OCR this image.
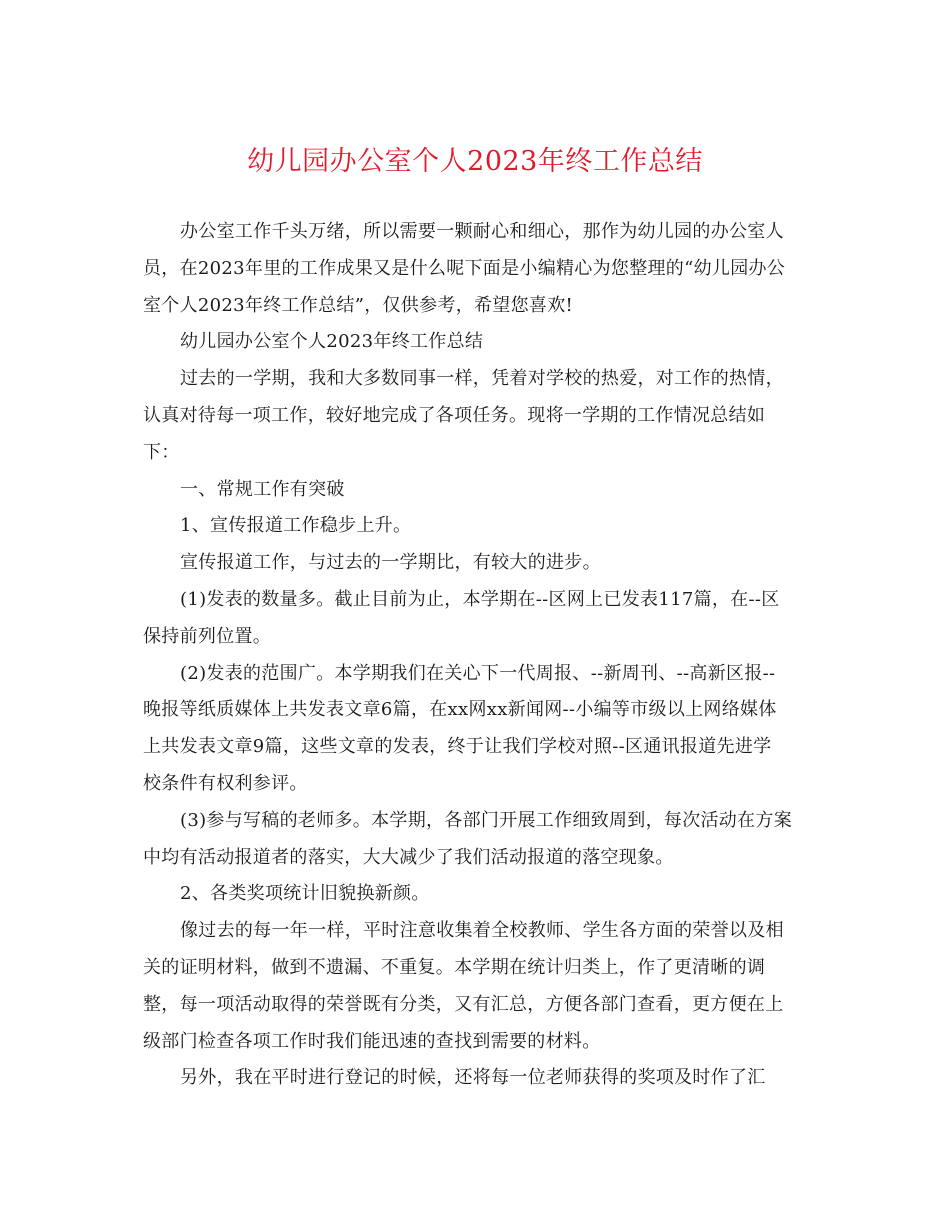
幼儿园办公室个人2023年终工作总结
办公室工作千头万绪，所以需要一颗耐心和细心，那作为幼儿园的办公室人
员，在2023年里的工作成果又是什么呢下面是小编精心为您整理的“幼儿园办公
室个人2023年终工作总结”，仅供参考，希望您喜欢!
幼儿园办公室个人2023年终工作总结
过去的一学期，我和大多数同事一样，凭着对学校的热爱，对工作的热情，
认真对待每一项工作，较好地完成了各项任务。现将一学期的工作情况总结如
下：
一、常规工作有突破
1、宣传报道工作稳步上升。
宣传报道工作，与过去的一学期比，有较大的进步。
(1)发表的数量多。截止目前为止，本学期在--区网上已发表117篇，在--区
保持前列位置。
(2)发表的范围广。本学期我们在关心下一代周报、--新周刊、--高新区报--
晚报等纸质媒体上共发表文章6篇，在xx网xx新闻网--小编等市级以上网络媒体
上共发表文章9篇，这些文章的发表，终于让我们学校对照--区通讯报道先进学
校条件有权利参评。
(3)参与写稿的老师多。本学期，各部门开展工作细致周到，每次活动在方案
中均有活动报道者的落实，大大减少了我们活动报道的落空现象。
2、各类奖项统计旧貌换新颜。
像过去的每一年一样，平时注意收集着全校教师、学生各方面的荣誉以及相
关的证明材料，做到不遗漏、不重复。本学期在统计归类上，作了更清晰的调
整，每一项活动取得的荣誉既有分类，又有汇总，方便各部门查看，更方便在上
级部门检查各项工作时我们能迅速的查找到需要的材料。
另外，我在平时进行登记的时候，还将每一位老师获得的奖项及时作了汇
